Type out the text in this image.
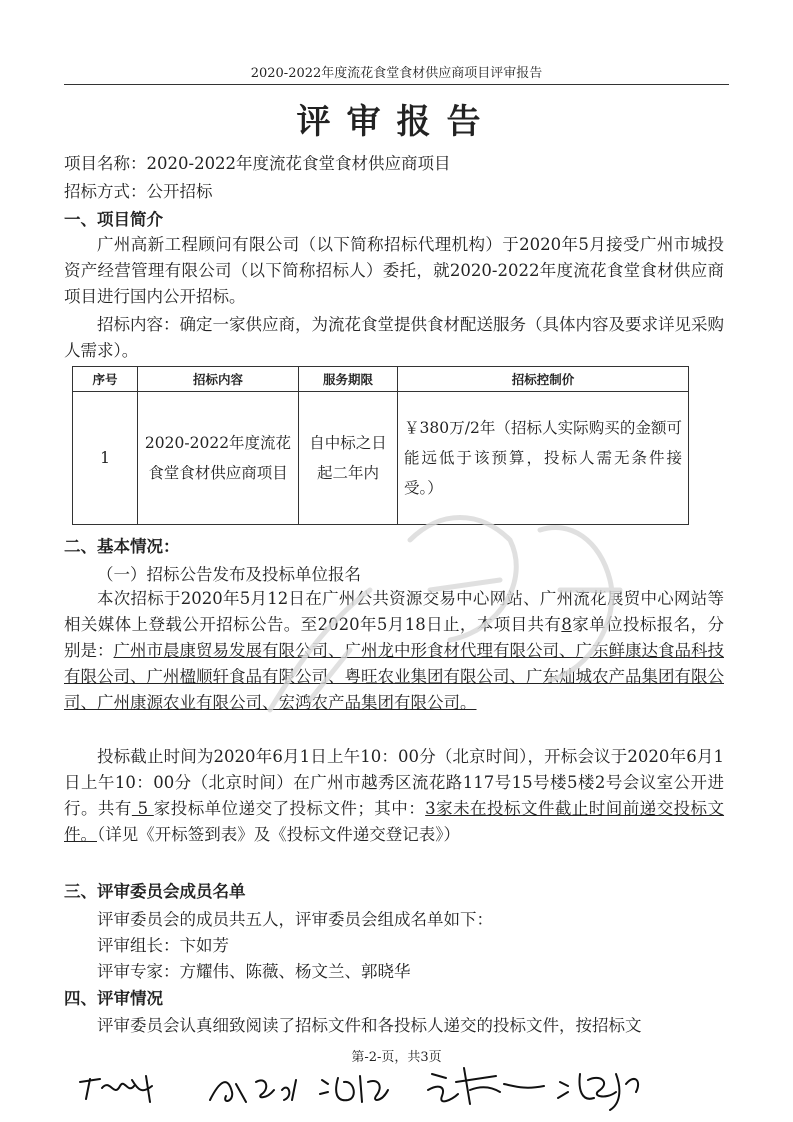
2020-2022年度流花食堂食材供应商项目评审报告
评审报告
项目名称：2020-2022年度流花食堂食材供应商项目
招标方式：公开招标
一、项目简介
广州高新工程顾问有限公司（以下简称招标代理机构）于2020年5月接受广州市城投资产经营管理有限公司（以下简称招标人）委托，就2020-2022年度流花食堂食材供应商项目进行国内公开招标。
招标内容：确定一家供应商，为流花食堂提供食材配送服务（具体内容及要求详见采购人需求）。
序号	招标内容	服务期限	招标控制价
1	2020-2022年度流花食堂食材供应商项目	自中标之日起二年内	￥380万/2年（招标人实际购买的金额可能远低于该预算，投标人需无条件接受。）
二、基本情况：
（一）招标公告发布及投标单位报名
本次招标于2020年5月12日在广州公共资源交易中心网站、广州流花展贸中心网站等相关媒体上登载公开招标公告。至2020年5月18日止，本项目共有8家单位投标报名，分别是：广州市晨康贸易发展有限公司、广州龙中形食材代理有限公司、广东鲜康达食品科技有限公司、广州楹顺轩食品有限公司、粤旺农业集团有限公司、广东灿城农产品集团有限公司、广州康源农业有限公司、宏鸿农产品集团有限公司。
投标截止时间为2020年6月1日上午10：00分（北京时间），开标会议于2020年6月1日上午10：00分（北京时间）在广州市越秀区流花路117号15号楼5楼2号会议室公开进行。共有 5 家投标单位递交了投标文件；其中：3家未在投标文件截止时间前递交投标文件。（详见《开标签到表》及《投标文件递交登记表》）
三、评审委员会成员名单
评审委员会的成员共五人，评审委员会组成名单如下：
评审组长：卞如芳
评审专家：方耀伟、陈薇、杨文兰、郭晓华
四、评审情况
评审委员会认真细致阅读了招标文件和各投标人递交的投标文件，按招标文
第-2-页，共3页
